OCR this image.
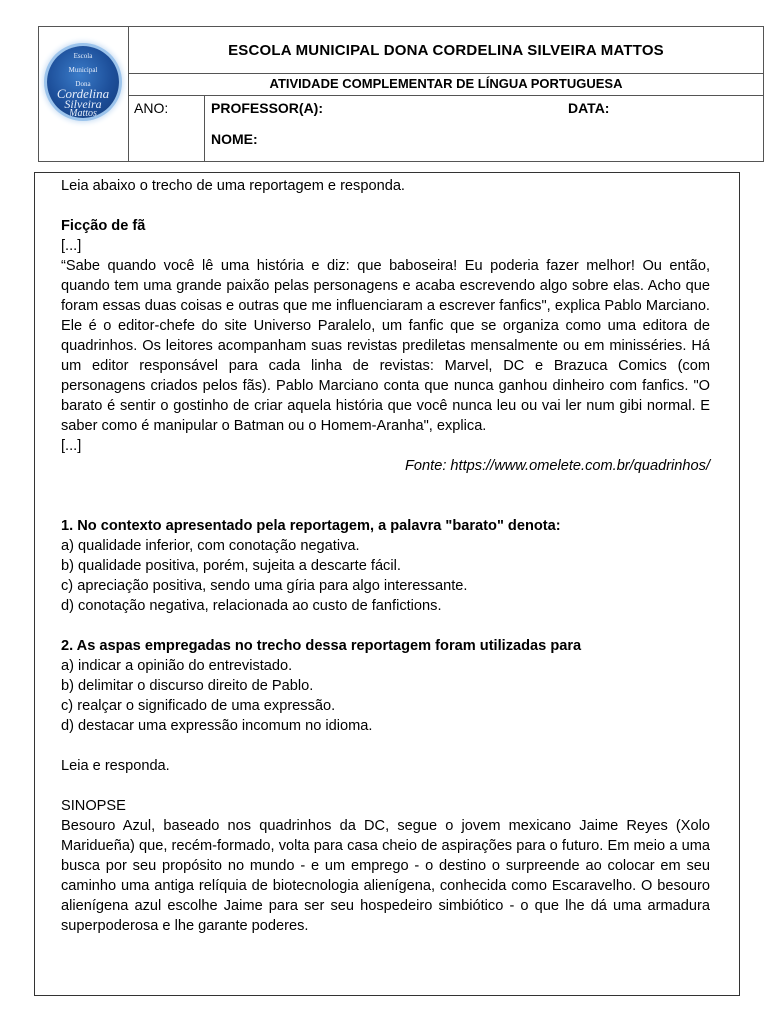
Escola
Municipal
Dona
Cordelina
Silveira
Mattos
ESCOLA MUNICIPAL DONA CORDELINA SILVEIRA MATTOS
ATIVIDADE COMPLEMENTAR DE LÍNGUA PORTUGUESA
ANO:	PROFESSOR(A):	DATA:
NOME:

Leia abaixo o trecho de uma reportagem e responda.

Ficção de fã

[...]

“Sabe quando você lê uma história e diz: que baboseira! Eu poderia fazer melhor! Ou então, quando tem uma grande paixão pelas personagens e acaba escrevendo algo sobre elas. Acho que foram essas duas coisas e outras que me influenciaram a escrever fanfics", explica Pablo Marciano. Ele é o editor-chefe do site Universo Paralelo, um fanfic que se organiza como uma editora de quadrinhos. Os leitores acompanham suas revistas prediletas mensalmente ou em minisséries. Há um editor responsável para cada linha de revistas: Marvel, DC e Brazuca Comics (com personagens criados pelos fãs). Pablo Marciano conta que nunca ganhou dinheiro com fanfics. "O barato é sentir o gostinho de criar aquela história que você nunca leu ou vai ler num gibi normal. E saber como é manipular o Batman ou o Homem-Aranha", explica.

[...]

Fonte: https://www.omelete.com.br/quadrinhos/

1. No contexto apresentado pela reportagem, a palavra "barato" denota:

a) qualidade inferior, com conotação negativa.

b) qualidade positiva, porém, sujeita a descarte fácil.

c) apreciação positiva, sendo uma gíria para algo interessante.

d) conotação negativa, relacionada ao custo de fanfictions.

2. As aspas empregadas no trecho dessa reportagem foram utilizadas para

a) indicar a opinião do entrevistado.

b) delimitar o discurso direito de Pablo.

c) realçar o significado de uma expressão.

d) destacar uma expressão incomum no idioma.

Leia e responda.

SINOPSE

Besouro Azul, baseado nos quadrinhos da DC, segue o jovem mexicano Jaime Reyes (Xolo Maridueña) que, recém-formado, volta para casa cheio de aspirações para o futuro. Em meio a uma busca por seu propósito no mundo - e um emprego - o destino o surpreende ao colocar em seu caminho uma antiga relíquia de biotecnologia alienígena, conhecida como Escaravelho. O besouro alienígena azul escolhe Jaime para ser seu hospedeiro simbiótico - o que lhe dá uma armadura superpoderosa e lhe garante poderes.
